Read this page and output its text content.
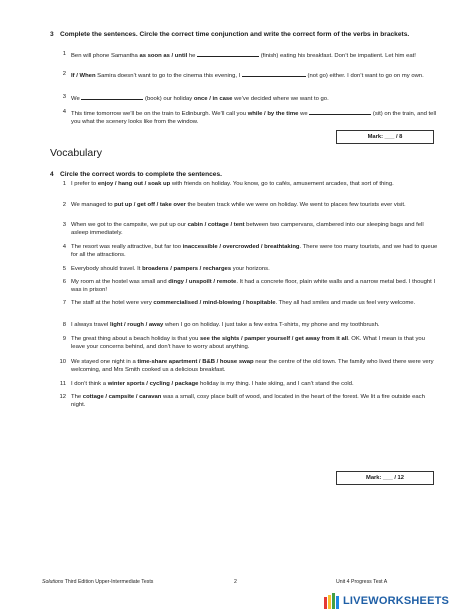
3 Complete the sentences. Circle the correct time conjunction and write the correct form of the verbs in brackets.
1 Ben will phone Samantha as soon as / until he	(finish) eating his breakfast. Don’t be impatient. Let him eat!
2 If / When Samira doesn’t want to go to the cinema this evening, I	(not go) either. I don’t want to go on my own.
3 We	(book) our holiday once / in case we’ve decided where we want to go.
4 This time tomorrow we’ll be on the train to Edinburgh. We’ll call you while / by the time we	(sit) on the train, and tell you what the scenery looks like from the window.
Mark: ___ / 8
Vocabulary
4 Circle the correct words to complete the sentences.
1 I prefer to enjoy / hang out / soak up with friends on holiday. You know, go to cafés, amusement arcades, that sort of thing.
2 We managed to put up / get off / take over the beaten track while we were on holiday. We went to places few tourists ever visit.
3 When we got to the campsite, we put up our cabin / cottage / tent between two campervans, clambered into our sleeping bags and fell asleep immediately.
4 The resort was really attractive, but far too inaccessible / overcrowded / breathtaking. There were too many tourists, and we had to queue for all the attractions.
5 Everybody should travel. It broadens / pampers / recharges your horizons.
6 My room at the hostel was small and dingy / unspoilt / remote. It had a concrete floor, plain white walls and a narrow metal bed. I thought I was in prison!
7 The staff at the hotel were very commercialised / mind-blowing / hospitable. They all had smiles and made us feel very welcome.
8 I always travel light / rough / away when I go on holiday. I just take a few extra T-shirts, my phone and my toothbrush.
9 The great thing about a beach holiday is that you see the sights / pamper yourself / get away from it all. OK. What I mean is that you leave your concerns behind, and don’t have to worry about anything.
10 We stayed one night in a time-share apartment / B&B / house swap near the centre of the old town. The family who lived there were very welcoming, and Mrs Smith cooked us a delicious breakfast.
11 I don’t think a winter sports / cycling / package holiday is my thing. I hate skiing, and I can’t stand the cold.
12 The cottage / campsite / caravan was a small, cosy place built of wood, and located in the heart of the forest. We lit a fire outside each night.
Mark: ___ / 12
Solutions Third Edition Upper-Intermediate Tests	2	Unit 4 Progress Test A
LIVEWORKSHEETS
